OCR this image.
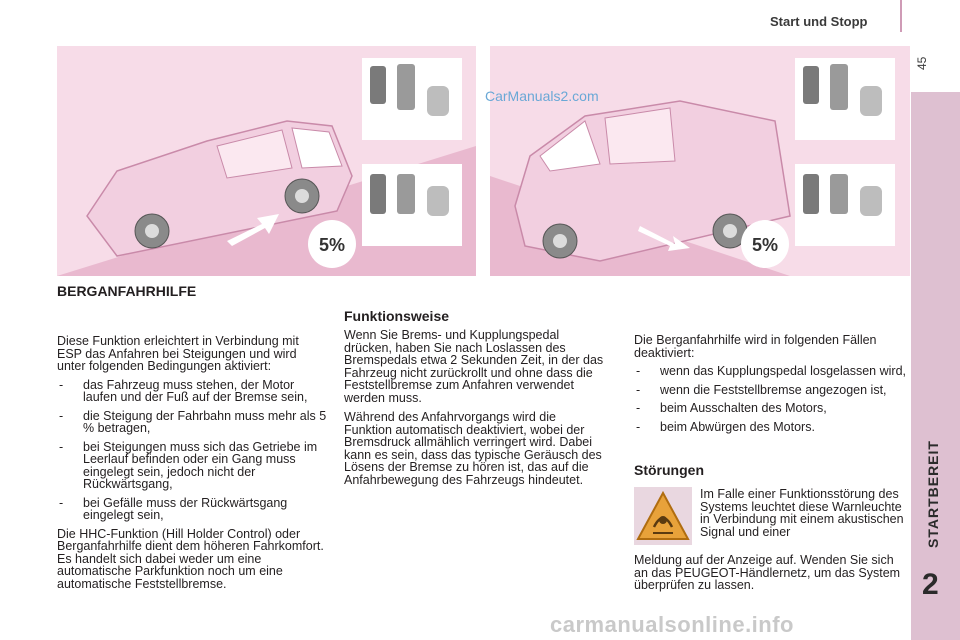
Start und Stopp
45
STARTBEREIT
2
5%	5%
CarManuals2.com
BERGANFAHRHILFE
Diese Funktion erleichtert in Verbindung mit ESP das Anfahren bei Steigungen und wird unter folgenden Bedingungen aktiviert:
- das Fahrzeug muss stehen, der Motor laufen und der Fuß auf der Bremse sein,
- die Steigung der Fahrbahn muss mehr als 5 % betragen,
- bei Steigungen muss sich das Getriebe im Leerlauf befinden oder ein Gang muss eingelegt sein, jedoch nicht der Rückwärtsgang,
- bei Gefälle muss der Rückwärtsgang eingelegt sein,
Die HHC-Funktion (Hill Holder Control) oder Berganfahrhilfe dient dem höheren Fahrkomfort. Es handelt sich dabei weder um eine automatische Parkfunktion noch um eine automatische Feststellbremse.
Funktionsweise
Wenn Sie Brems- und Kupplungspedal drücken, haben Sie nach Loslassen des Bremspedals etwa 2 Sekunden Zeit, in der das Fahrzeug nicht zurückrollt und ohne dass die Feststellbremse zum Anfahren verwendet werden muss.
Während des Anfahrvorgangs wird die Funktion automatisch deaktiviert, wobei der Bremsdruck allmählich verringert wird. Dabei kann es sein, dass das typische Geräusch des Lösens der Bremse zu hören ist, das auf die Anfahrbewegung des Fahrzeugs hindeutet.
Die Berganfahrhilfe wird in folgenden Fällen deaktiviert:
- wenn das Kupplungspedal losgelassen wird,
- wenn die Feststellbremse angezogen ist,
- beim Ausschalten des Motors,
- beim Abwürgen des Motors.
Störungen
Im Falle einer Funktionsstörung des Systems leuchtet diese Warnleuchte in Verbindung mit einem akustischen Signal und einer
Meldung auf der Anzeige auf. Wenden Sie sich an das PEUGEOT-Händlernetz, um das System überprüfen zu lassen.
carmanualsonline.info
